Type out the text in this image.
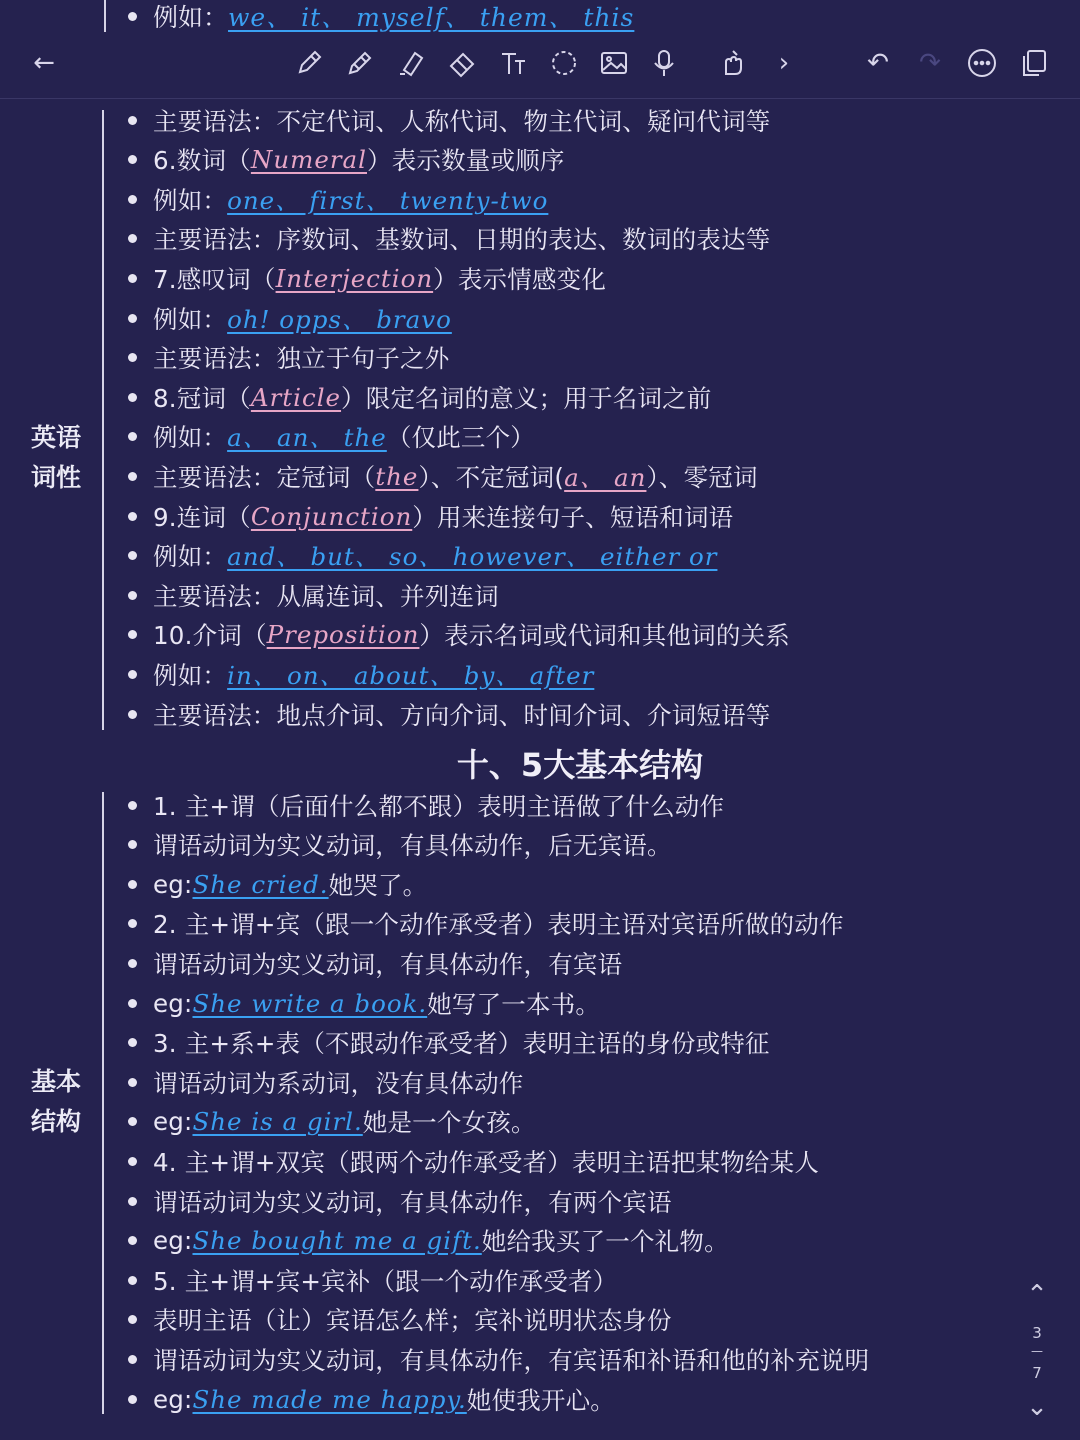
例如： we、 it、 myself、 them、 this
←	›	↶	↷
英语
词性
主要语法：不定代词、人称代词、物主代词、疑问代词等
6.数词（ Numeral ）表示数量或顺序
例如： one、 first、 twenty-two
主要语法：序数词、基数词、日期的表达、数词的表达等
7.感叹词（ Interjection ）表示情感变化
例如： oh! opps、 bravo
主要语法：独立于句子之外
8.冠词（ Article ）限定名词的意义；用于名词之前
例如： a、 an、 the （仅此三个）
主要语法：定冠词（ the ）、不定冠词( a、 an ）、零冠词
9.连词（ Conjunction ）用来连接句子、短语和词语
例如： and、 but、 so、 however、 either or
主要语法：从属连词、并列连词
10.介词（ Preposition ）表示名词或代词和其他词的关系
例如： in、 on、 about、 by、 after
主要语法：地点介词、方向介词、时间介词、介词短语等
十、5大基本结构
基本
结构
1. 主+谓（后面什么都不跟）表明主语做了什么动作
谓语动词为实义动词，有具体动作，后无宾语。
eg: She cried. 她哭了。
2. 主+谓+宾（跟一个动作承受者）表明主语对宾语所做的动作
谓语动词为实义动词，有具体动作，有宾语
eg: She write a book. 她写了一本书。
3. 主+系+表（不跟动作承受者）表明主语的身份或特征
谓语动词为系动词，没有具体动作
eg: She is a girl. 她是一个女孩。
4. 主+谓+双宾（跟两个动作承受者）表明主语把某物给某人
谓语动词为实义动词，有具体动作，有两个宾语
eg: She bought me a gift. 她给我买了一个礼物。
5. 主+谓+宾+宾补（跟一个动作承受者）
表明主语（让）宾语怎么样；宾补说明状态身份
谓语动词为实义动词，有具体动作，有宾语和补语和他的补充说明
eg: She made me happy. 她使我开心。
⌃
3
—
7
⌄
